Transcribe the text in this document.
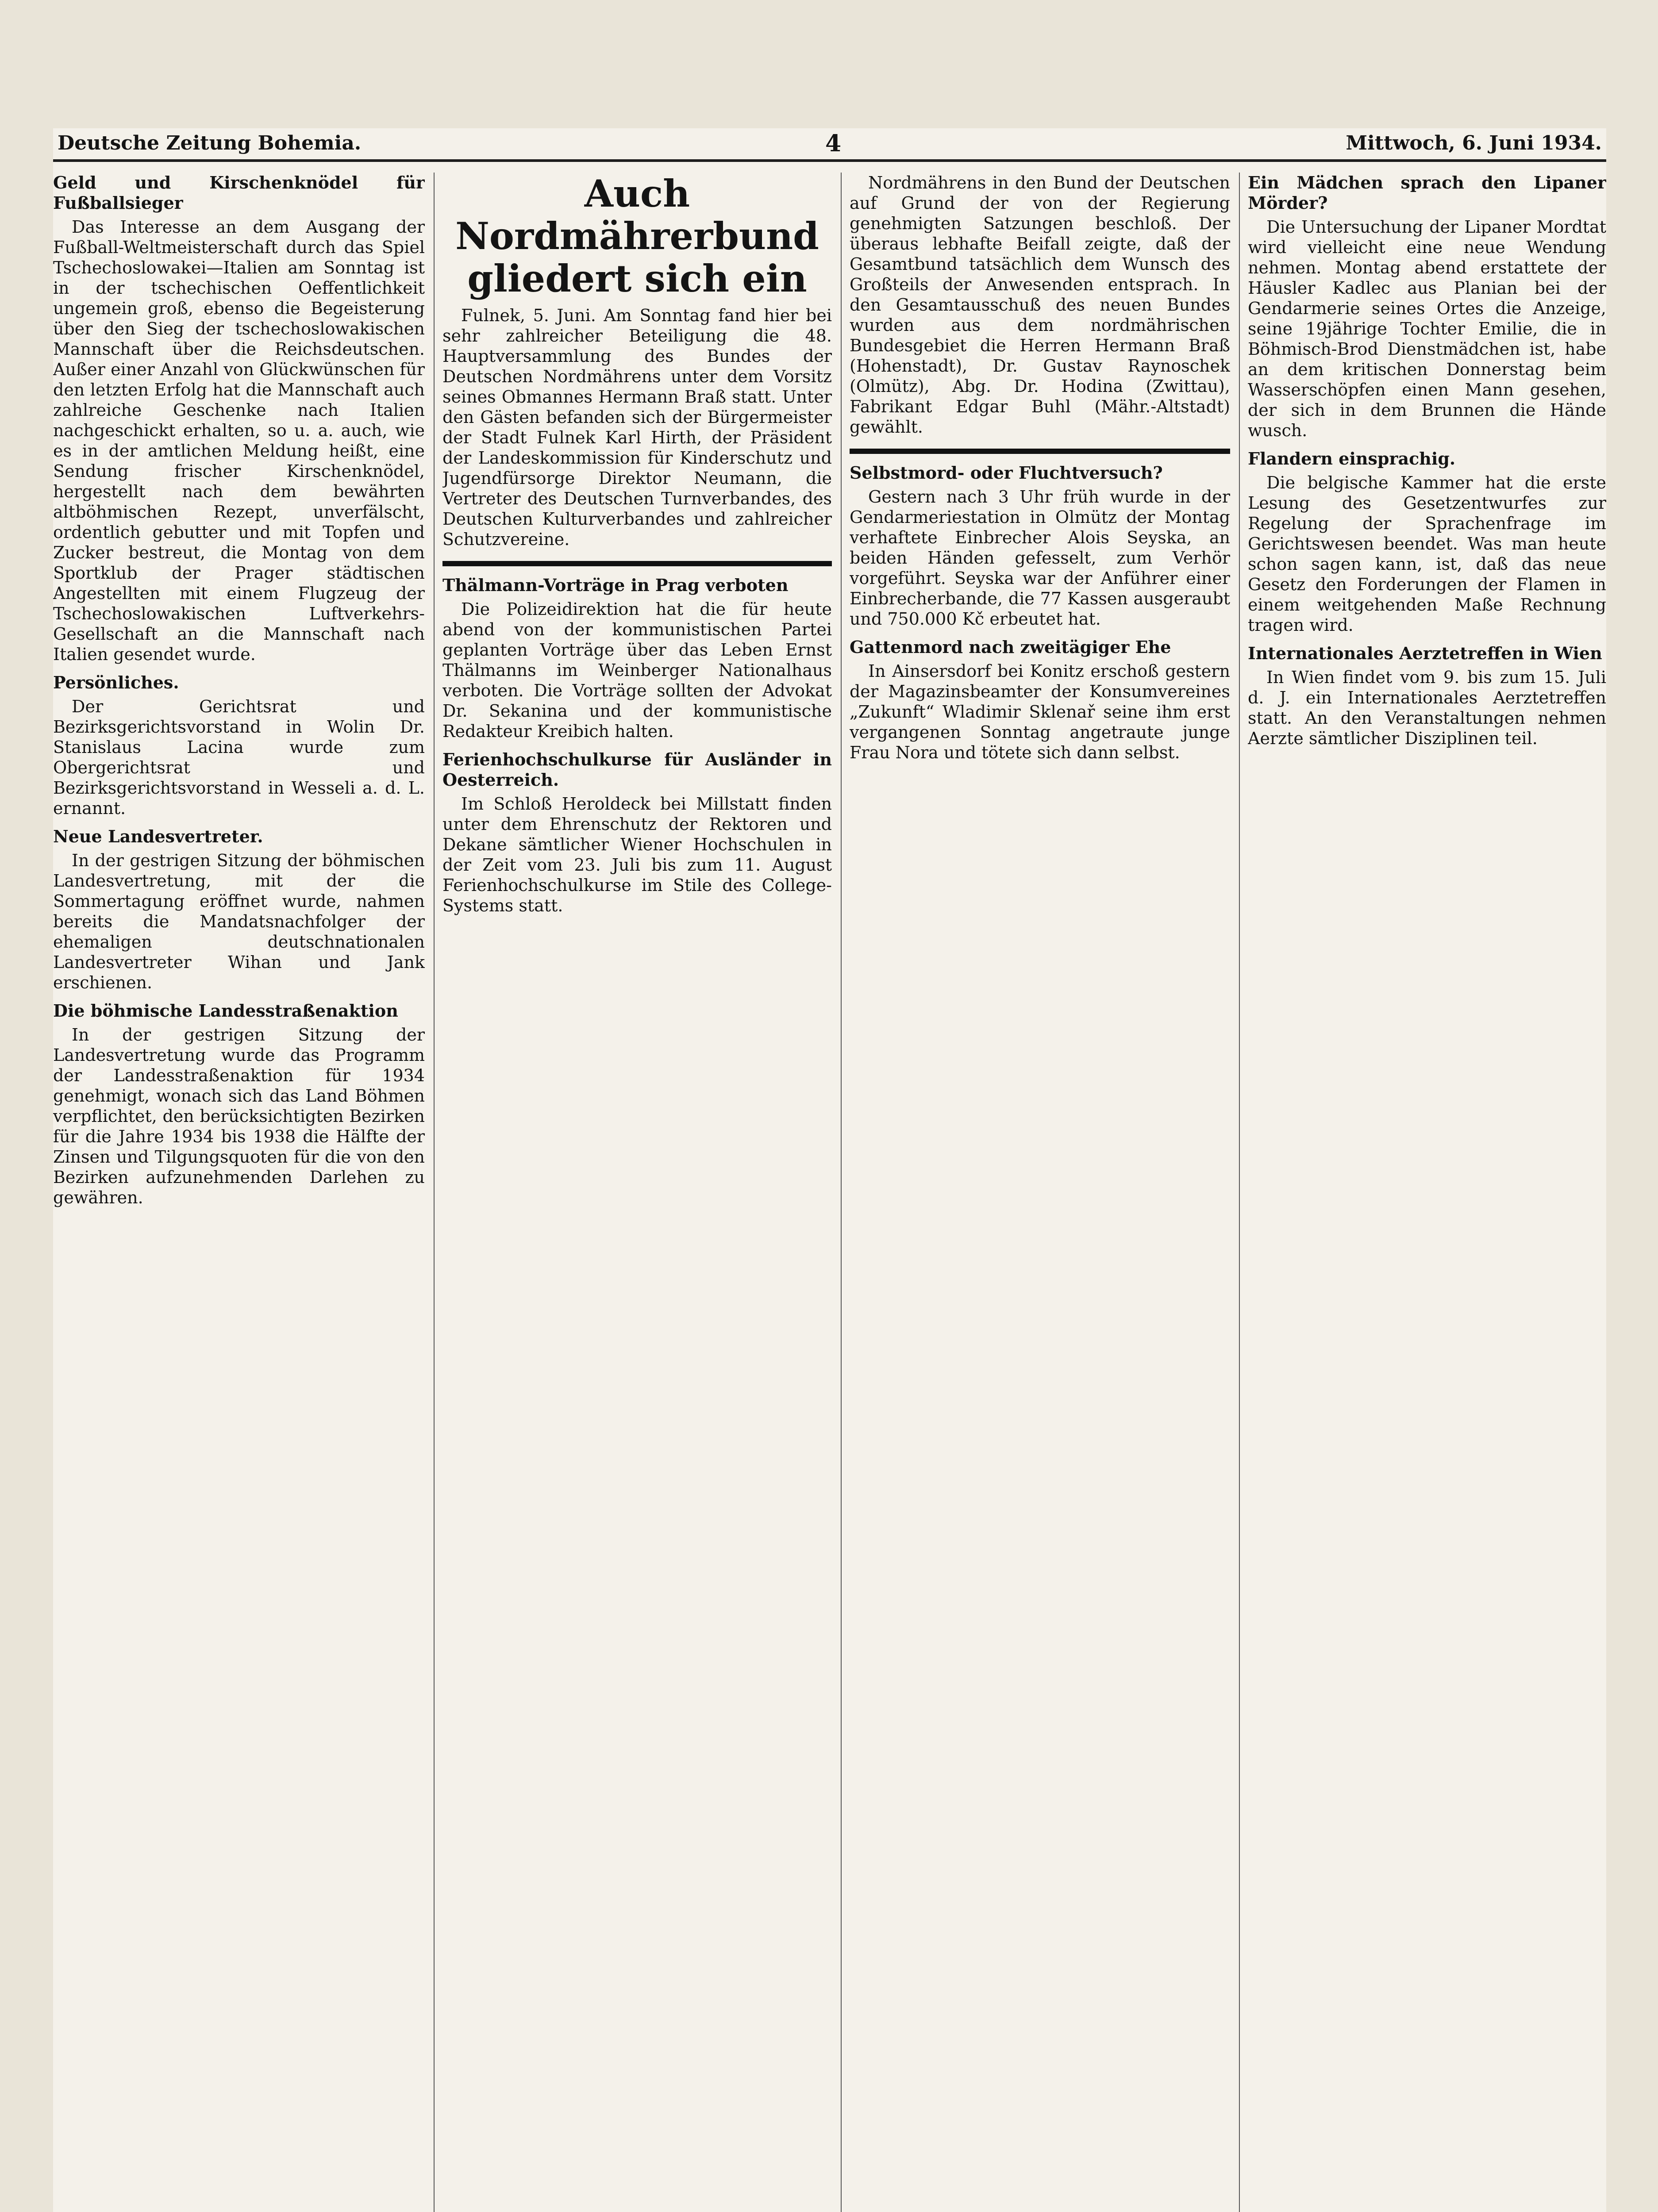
Deutsche Zeitung Bohemia.	4	Mittwoch, 6. Juni 1934.

Geld und Kirschenknödel für Fußballsieger

Das Interesse an dem Ausgang der Fußball-Weltmeisterschaft durch das Spiel Tschechoslowakei—Italien am Sonntag ist in der tschechischen Oeffentlichkeit ungemein groß, ebenso die Begeisterung über den Sieg der tschechoslowakischen Mannschaft über die Reichsdeutschen. Außer einer Anzahl von Glückwünschen für den letzten Erfolg hat die Mannschaft auch zahlreiche Geschenke nach Italien nachgeschickt erhalten, so u. a. auch, wie es in der amtlichen Meldung heißt, eine Sendung frischer Kirschenknödel, hergestellt nach dem bewährten altböhmischen Rezept, unverfälscht, ordentlich gebutter und mit Topfen und Zucker bestreut, die Montag von dem Sportklub der Prager städtischen Angestellten mit einem Flugzeug der Tschechoslowakischen Luftverkehrs-Gesellschaft an die Mannschaft nach Italien gesendet wurde.

Persönliches.

Der Gerichtsrat und Bezirksgerichtsvorstand in Wolin Dr. Stanislaus Lacina wurde zum Obergerichtsrat und Bezirksgerichtsvorstand in Wesseli a. d. L. ernannt.

Neue Landesvertreter.

In der gestrigen Sitzung der böhmischen Landesvertretung, mit der die Sommertagung eröffnet wurde, nahmen bereits die Mandatsnachfolger der ehemaligen deutschnationalen Landesvertreter Wihan und Jank erschienen.

Die böhmische Landesstraßenaktion

In der gestrigen Sitzung der Landesvertretung wurde das Programm der Landesstraßenaktion für 1934 genehmigt, wonach sich das Land Böhmen verpflichtet, den berücksichtigten Bezirken für die Jahre 1934 bis 1938 die Hälfte der Zinsen und Tilgungsquoten für die von den Bezirken aufzunehmenden Darlehen zu gewähren.

Auch Nordmährerbund gliedert sich ein

Fulnek, 5. Juni. Am Sonntag fand hier bei sehr zahlreicher Beteiligung die 48. Hauptversammlung des Bundes der Deutschen Nordmährens unter dem Vorsitz seines Obmannes Hermann Braß statt. Unter den Gästen befanden sich der Bürgermeister der Stadt Fulnek Karl Hirth, der Präsident der Landeskommission für Kinderschutz und Jugendfürsorge Direktor Neumann, die Vertreter des Deutschen Turnverbandes, des Deutschen Kulturverbandes und zahlreicher Schutzvereine.

Thälmann-Vorträge in Prag verboten

Die Polizeidirektion hat die für heute abend von der kommunistischen Partei geplanten Vorträge über das Leben Ernst Thälmanns im Weinberger Nationalhaus verboten. Die Vorträge sollten der Advokat Dr. Sekanina und der kommunistische Redakteur Kreibich halten.

Ferienhochschulkurse für Ausländer in Oesterreich.

Im Schloß Heroldeck bei Millstatt finden unter dem Ehrenschutz der Rektoren und Dekane sämtlicher Wiener Hochschulen in der Zeit vom 23. Juli bis zum 11. August Ferienhochschulkurse im Stile des College-Systems statt.

Nordmährens in den Bund der Deutschen auf Grund der von der Regierung genehmigten Satzungen beschloß. Der überaus lebhafte Beifall zeigte, daß der Gesamtbund tatsächlich dem Wunsch des Großteils der Anwesenden entsprach. In den Gesamtausschuß des neuen Bundes wurden aus dem nordmährischen Bundesgebiet die Herren Hermann Braß (Hohenstadt), Dr. Gustav Raynoschek (Olmütz), Abg. Dr. Hodina (Zwittau), Fabrikant Edgar Buhl (Mähr.-Altstadt) gewählt.

Selbstmord- oder Fluchtversuch?

Gestern nach 3 Uhr früh wurde in der Gendarmeriestation in Olmütz der Montag verhaftete Einbrecher Alois Seyska, an beiden Händen gefesselt, zum Verhör vorgeführt. Seyska war der Anführer einer Einbrecherbande, die 77 Kassen ausgeraubt und 750.000 Kč erbeutet hat.

Gattenmord nach zweitägiger Ehe

In Ainsersdorf bei Konitz erschoß gestern der Magazinsbeamter der Konsumvereines „Zukunft“ Wladimir Sklenař seine ihm erst vergangenen Sonntag angetraute junge Frau Nora und tötete sich dann selbst.

Ein Mädchen sprach den Lipaner Mörder?

Die Untersuchung der Lipaner Mordtat wird vielleicht eine neue Wendung nehmen. Montag abend erstattete der Häusler Kadlec aus Planian bei der Gendarmerie seines Ortes die Anzeige, seine 19jährige Tochter Emilie, die in Böhmisch-Brod Dienstmädchen ist, habe an dem kritischen Donnerstag beim Wasserschöpfen einen Mann gesehen, der sich in dem Brunnen die Hände wusch.

Flandern einsprachig.

Die belgische Kammer hat die erste Lesung des Gesetzentwurfes zur Regelung der Sprachenfrage im Gerichtswesen beendet. Was man heute schon sagen kann, ist, daß das neue Gesetz den Forderungen der Flamen in einem weitgehenden Maße Rechnung tragen wird.

Internationales Aerztetreffen in Wien

In Wien findet vom 9. bis zum 15. Juli d. J. ein Internationales Aerztetreffen statt. An den Veranstaltungen nehmen Aerzte sämtlicher Disziplinen teil.
